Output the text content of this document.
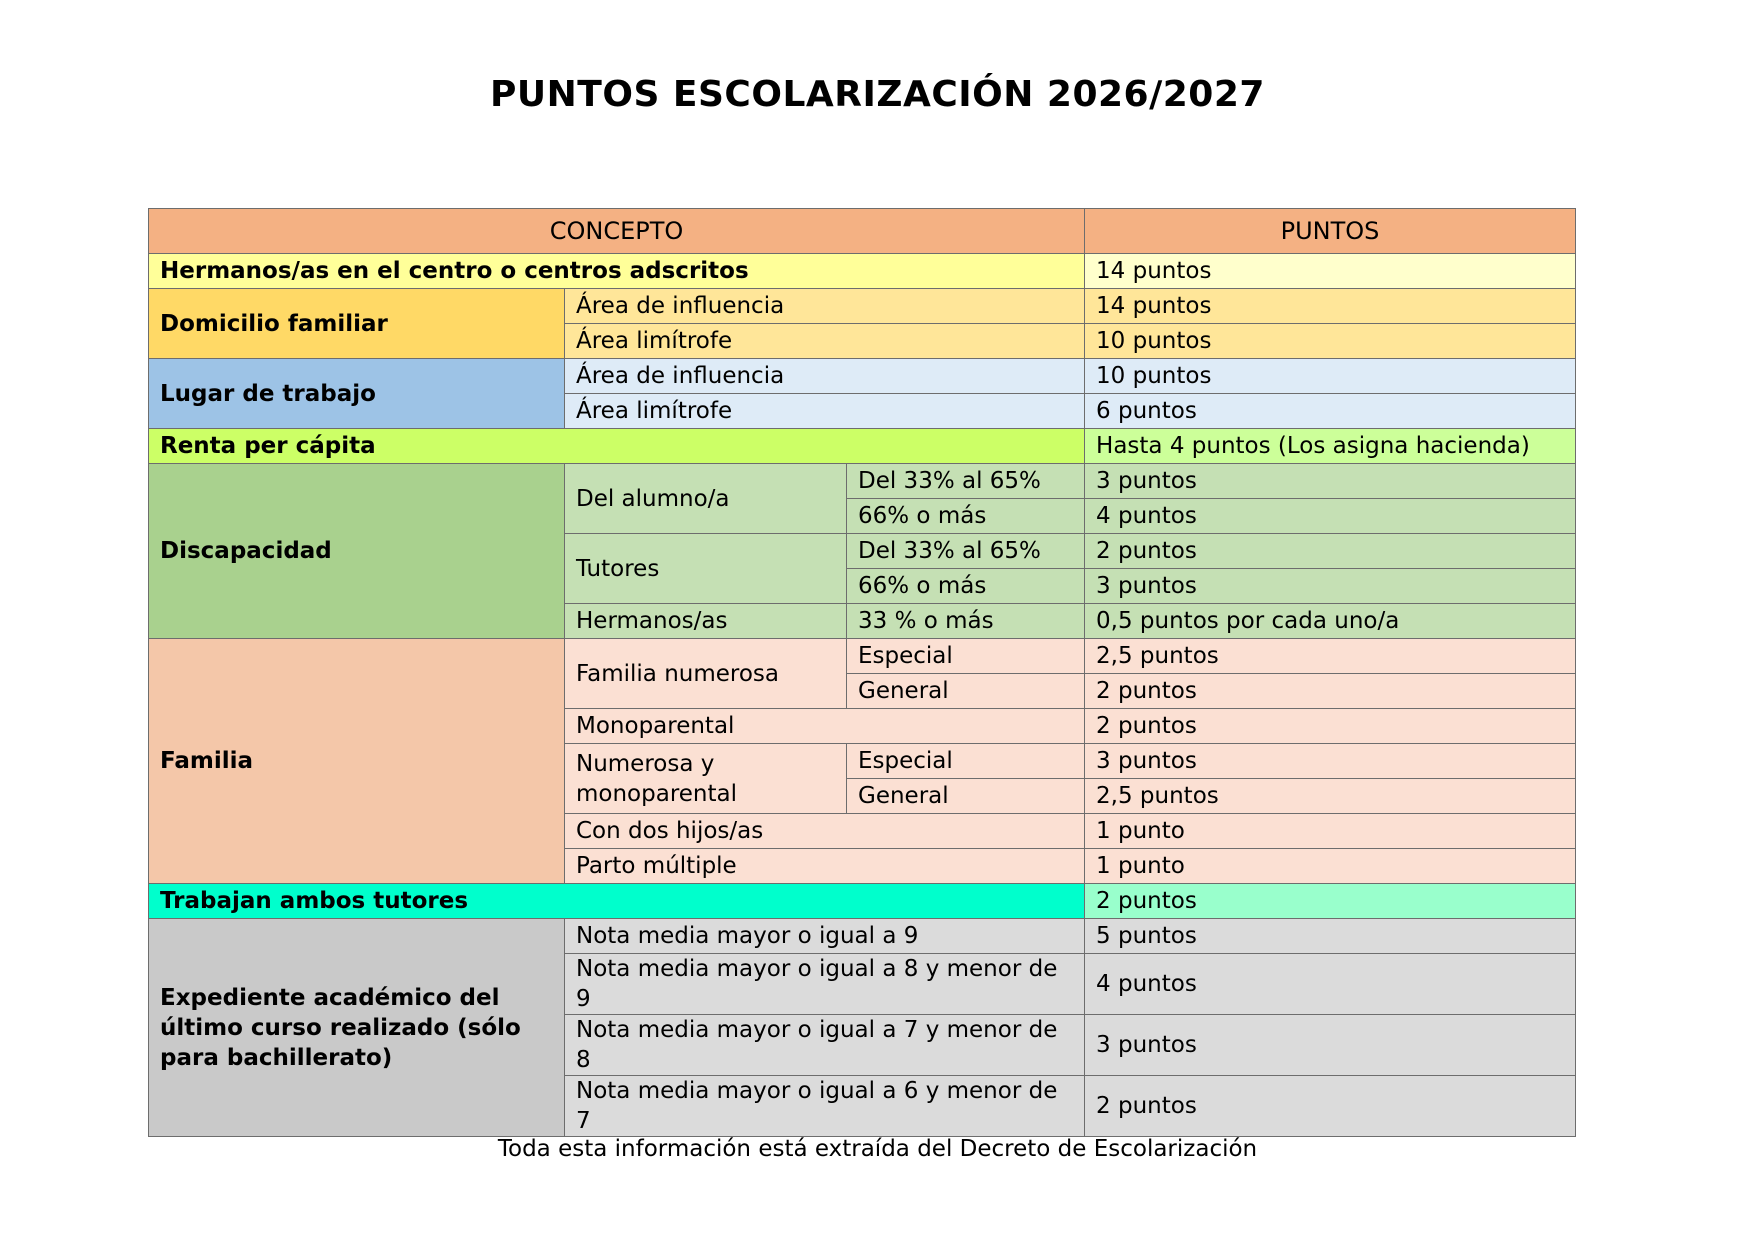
PUNTOS ESCOLARIZACIÓN 2026/2027
CONCEPTO			PUNTOS
Hermanos/as en el centro o centros adscritos			14 puntos
Domicilio familiar	Área de influencia		14 puntos
	Área limítrofe		10 puntos
Lugar de trabajo	Área de influencia		10 puntos
	Área limítrofe		6 puntos
Renta per cápita			Hasta 4 puntos (Los asigna hacienda)
Discapacidad	Del alumno/a	Del 33% al 65%	3 puntos
		66% o más	4 puntos
	Tutores	Del 33% al 65%	2 puntos
		66% o más	3 puntos
	Hermanos/as	33 % o más	0,5 puntos por cada uno/a
Familia	Familia numerosa	Especial	2,5 puntos
		General	2 puntos
	Monoparental		2 puntos
	Numerosa y monoparental	Especial	3 puntos
		General	2,5 puntos
	Con dos hijos/as		1 punto
	Parto múltiple		1 punto
Trabajan ambos tutores			2 puntos
Expediente académico del último curso realizado (sólo para bachillerato)	Nota media mayor o igual a 9		5 puntos
	Nota media mayor o igual a 8 y menor de 9		4 puntos
	Nota media mayor o igual a 7 y menor de 8		3 puntos
	Nota media mayor o igual a 6 y menor de 7		2 puntos
Toda esta información está extraída del Decreto de Escolarización
